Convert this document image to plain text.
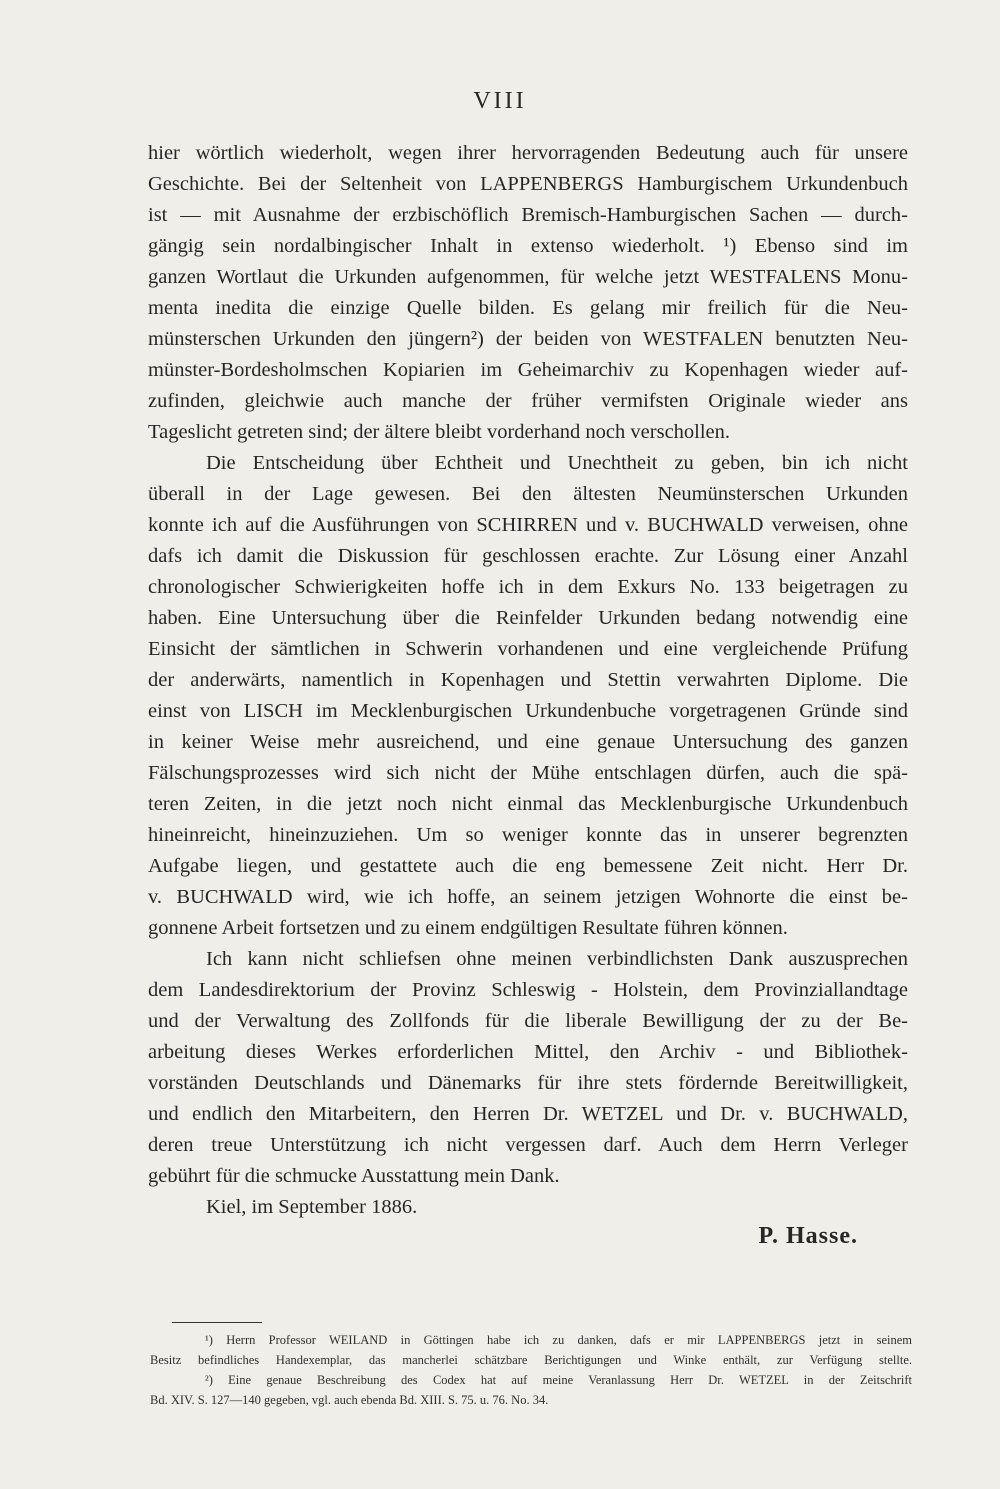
VIII
hier wörtlich wiederholt, wegen ihrer hervorragenden Bedeutung auch für unsere
Geschichte. Bei der Seltenheit von LAPPENBERGS Hamburgischem Urkundenbuch
ist — mit Ausnahme der erzbischöflich Bremisch-Hamburgischen Sachen — durch-
gängig sein nordalbingischer Inhalt in extenso wiederholt. ¹) Ebenso sind im
ganzen Wortlaut die Urkunden aufgenommen, für welche jetzt WESTFALENS Monu-
menta inedita die einzige Quelle bilden. Es gelang mir freilich für die Neu-
münsterschen Urkunden den jüngern²) der beiden von WESTFALEN benutzten Neu-
münster-Bordesholmschen Kopiarien im Geheimarchiv zu Kopenhagen wieder auf-
zufinden, gleichwie auch manche der früher vermifsten Originale wieder ans
Tageslicht getreten sind; der ältere bleibt vorderhand noch verschollen.
Die Entscheidung über Echtheit und Unechtheit zu geben, bin ich nicht
überall in der Lage gewesen. Bei den ältesten Neumünsterschen Urkunden
konnte ich auf die Ausführungen von SCHIRREN und v. BUCHWALD verweisen, ohne
dafs ich damit die Diskussion für geschlossen erachte. Zur Lösung einer Anzahl
chronologischer Schwierigkeiten hoffe ich in dem Exkurs No. 133 beigetragen zu
haben. Eine Untersuchung über die Reinfelder Urkunden bedang notwendig eine
Einsicht der sämtlichen in Schwerin vorhandenen und eine vergleichende Prüfung
der anderwärts, namentlich in Kopenhagen und Stettin verwahrten Diplome. Die
einst von LISCH im Mecklenburgischen Urkundenbuche vorgetragenen Gründe sind
in keiner Weise mehr ausreichend, und eine genaue Untersuchung des ganzen
Fälschungsprozesses wird sich nicht der Mühe entschlagen dürfen, auch die spä-
teren Zeiten, in die jetzt noch nicht einmal das Mecklenburgische Urkundenbuch
hineinreicht, hineinzuziehen. Um so weniger konnte das in unserer begrenzten
Aufgabe liegen, und gestattete auch die eng bemessene Zeit nicht. Herr Dr.
v. BUCHWALD wird, wie ich hoffe, an seinem jetzigen Wohnorte die einst be-
gonnene Arbeit fortsetzen und zu einem endgültigen Resultate führen können.
Ich kann nicht schliefsen ohne meinen verbindlichsten Dank auszusprechen
dem Landesdirektorium der Provinz Schleswig - Holstein, dem Provinziallandtage
und der Verwaltung des Zollfonds für die liberale Bewilligung der zu der Be-
arbeitung dieses Werkes erforderlichen Mittel, den Archiv - und Bibliothek-
vorständen Deutschlands und Dänemarks für ihre stets fördernde Bereitwilligkeit,
und endlich den Mitarbeitern, den Herren Dr. WETZEL und Dr. v. BUCHWALD,
deren treue Unterstützung ich nicht vergessen darf. Auch dem Herrn Verleger
gebührt für die schmucke Ausstattung mein Dank.
Kiel, im September 1886.
P. Hasse.
¹) Herrn Professor WEILAND in Göttingen habe ich zu danken, dafs er mir LAPPENBERGS jetzt in seinem
Besitz befindliches Handexemplar, das mancherlei schätzbare Berichtigungen und Winke enthält, zur Verfügung stellte.
²) Eine genaue Beschreibung des Codex hat auf meine Veranlassung Herr Dr. WETZEL in der Zeitschrift
Bd. XIV. S. 127—140 gegeben, vgl. auch ebenda Bd. XIII. S. 75. u. 76. No. 34.
